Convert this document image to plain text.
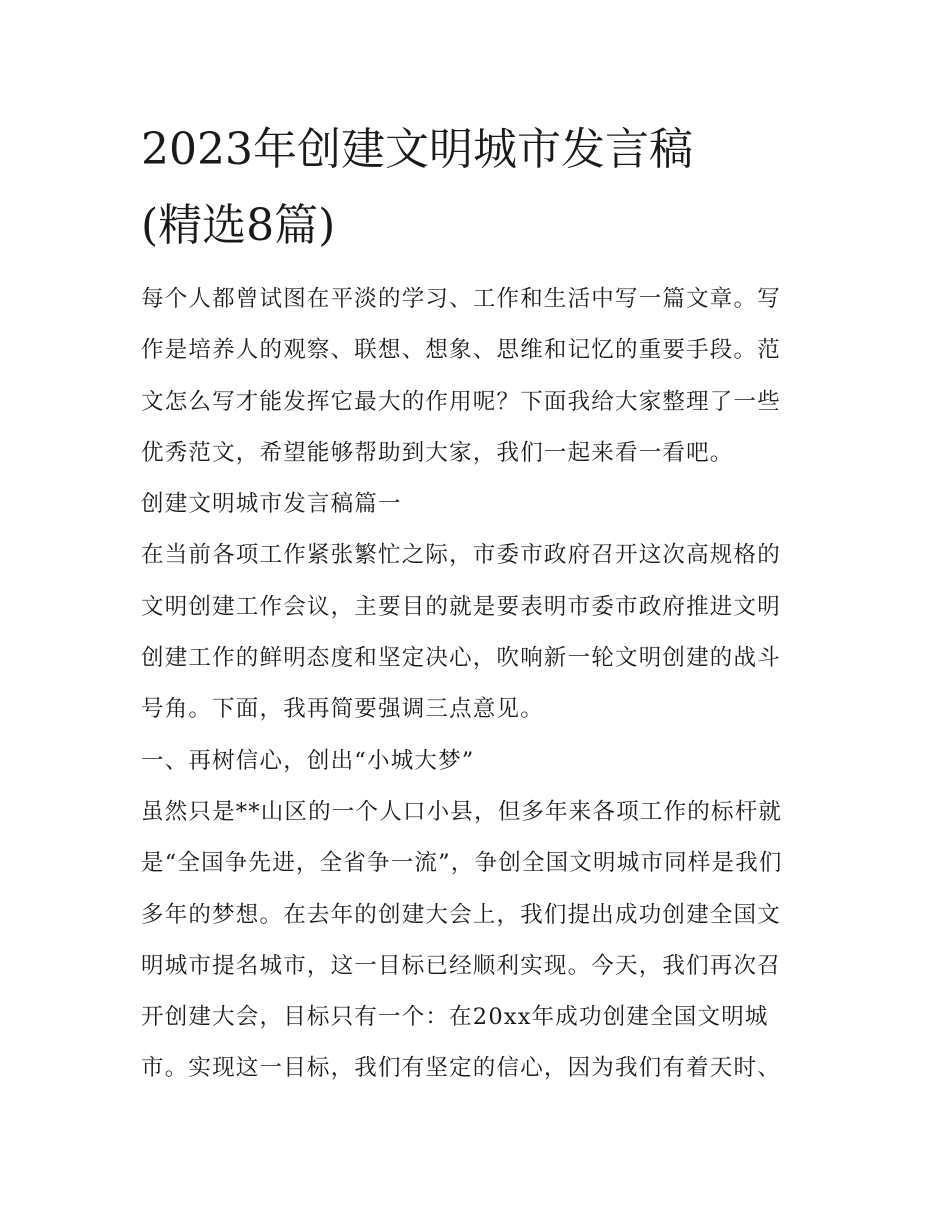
2023年创建文明城市发言稿
(精选8篇)
每个人都曾试图在平淡的学习、工作和生活中写一篇文章。写
作是培养人的观察、联想、想象、思维和记忆的重要手段。范
文怎么写才能发挥它最大的作用呢？下面我给大家整理了一些
优秀范文，希望能够帮助到大家，我们一起来看一看吧。
创建文明城市发言稿篇一
在当前各项工作紧张繁忙之际，市委市政府召开这次高规格的
文明创建工作会议，主要目的就是要表明市委市政府推进文明
创建工作的鲜明态度和坚定决心，吹响新一轮文明创建的战斗
号角。下面，我再简要强调三点意见。
一、再树信心，创出“小城大梦”
虽然只是**山区的一个人口小县，但多年来各项工作的标杆就
是“全国争先进，全省争一流”，争创全国文明城市同样是我们
多年的梦想。在去年的创建大会上，我们提出成功创建全国文
明城市提名城市，这一目标已经顺利实现。今天，我们再次召
开创建大会，目标只有一个：在20xx年成功创建全国文明城
市。实现这一目标，我们有坚定的信心，因为我们有着天时、
